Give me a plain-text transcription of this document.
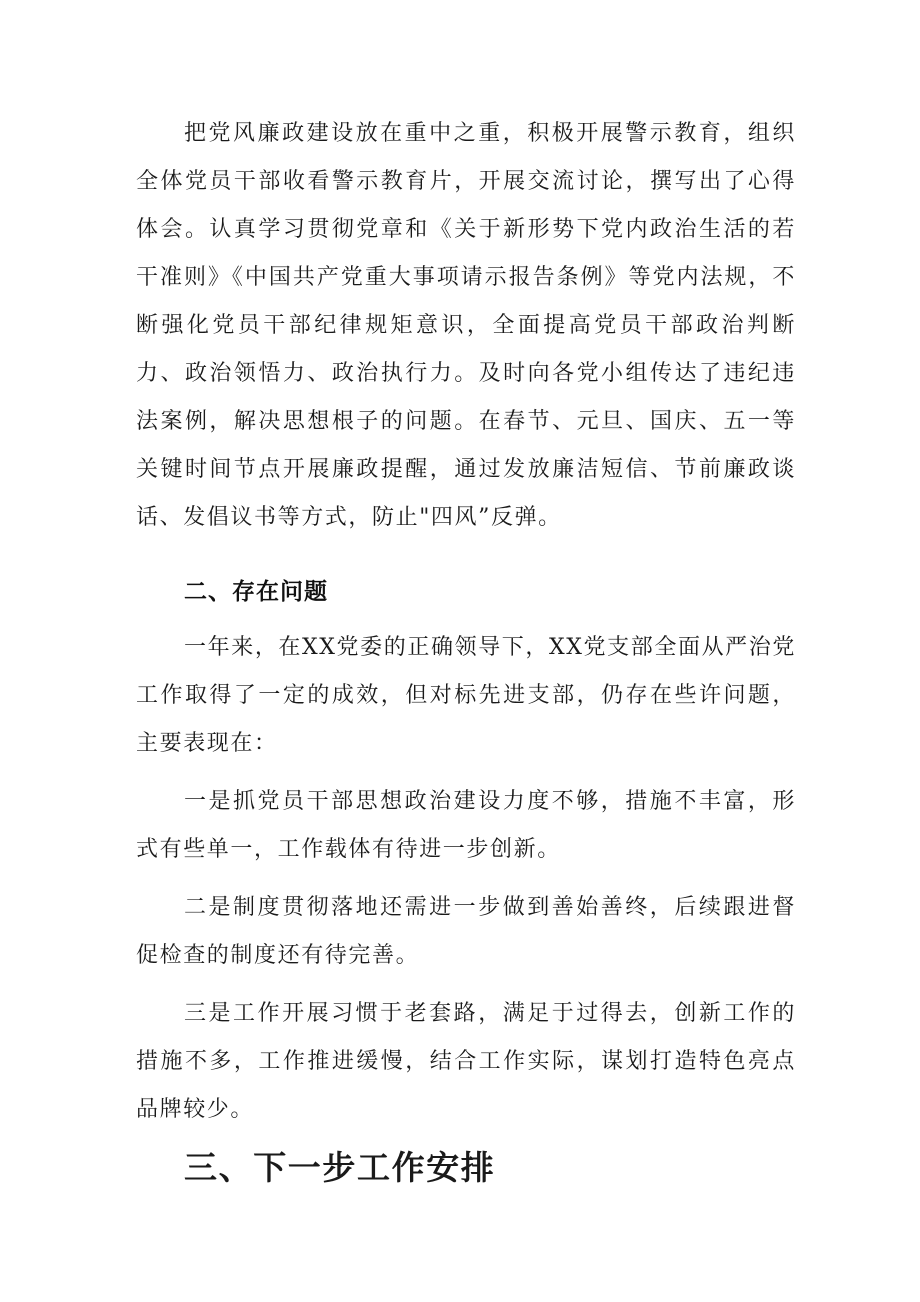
把党风廉政建设放在重中之重，积极开展警示教育，组织全体党员干部收看警示教育片，开展交流讨论，撰写出了心得体会。认真学习贯彻党章和《关于新形势下党内政治生活的若干准则》《中国共产党重大事项请示报告条例》等党内法规，不断强化党员干部纪律规矩意识，全面提高党员干部政治判断力、政治领悟力、政治执行力。及时向各党小组传达了违纪违法案例，解决思想根子的问题。在春节、元旦、国庆、五一等关键时间节点开展廉政提醒，通过发放廉洁短信、节前廉政谈话、发倡议书等方式，防止"四风”反弹。

二、存在问题

一年来，在XX党委的正确领导下，XX党支部全面从严治党工作取得了一定的成效，但对标先进支部，仍存在些许问题，主要表现在：

一是抓党员干部思想政治建设力度不够，措施不丰富，形式有些单一，工作载体有待进一步创新。

二是制度贯彻落地还需进一步做到善始善终，后续跟进督促检查的制度还有待完善。

三是工作开展习惯于老套路，满足于过得去，创新工作的措施不多，工作推进缓慢，结合工作实际，谋划打造特色亮点品牌较少。

三、下一步工作安排
